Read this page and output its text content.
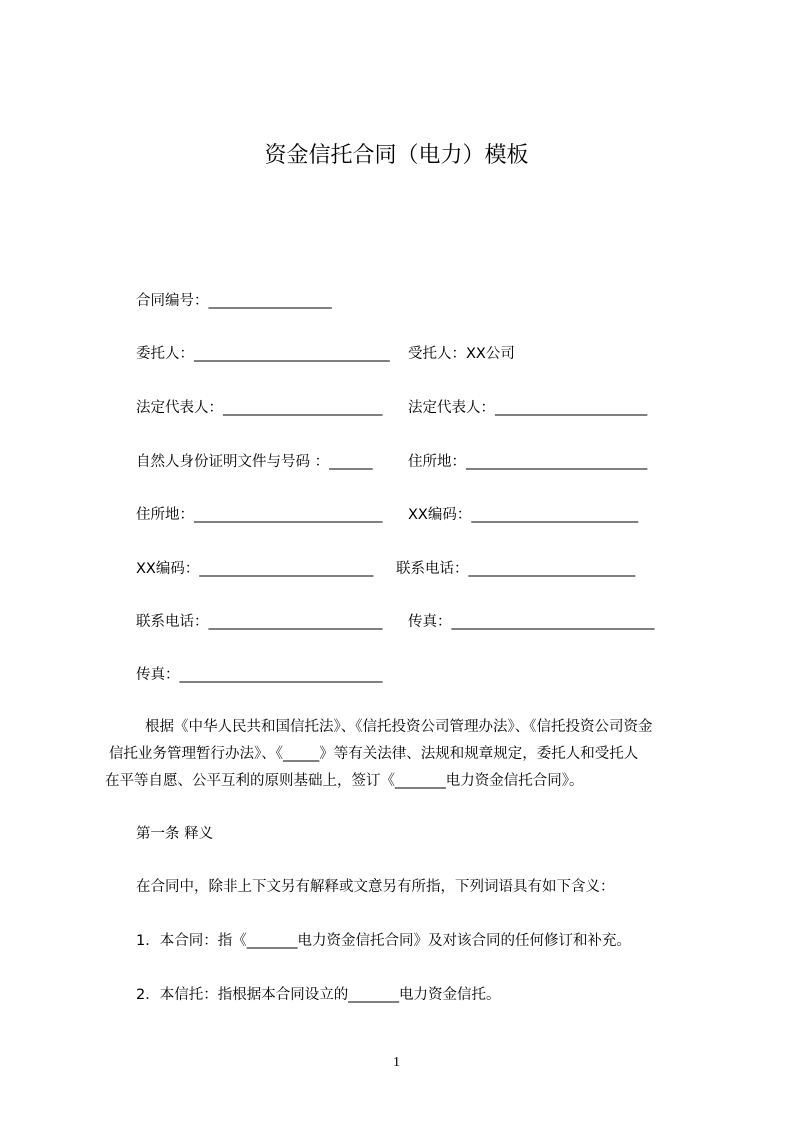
资金信托合同（电力）模板
合同编号：_________________
委托人：___________________________ 受托人：XX公司
法定代表人：______________________ 法定代表人：_____________________
自然人身份证明文件与号码 ：______ 住所地：_________________________
住所地：__________________________ XX编码：_______________________
XX编码：________________________ 联系电话：_______________________
联系电话：________________________ 传真：____________________________
传真：____________________________
根据《中华人民共和国信托法》、《信托投资公司管理办法》、《信托投资公司资金
信托业务管理暂行办法》、《_____》等有关法律、法规和规章规定，委托人和受托人
在平等自愿、公平互利的原则基础上，签订《_______电力资金信托合同》。
第一条 释义
在合同中，除非上下文另有解释或文意另有所指，下列词语具有如下含义：
1．本合同：指《_______电力资金信托合同》及对该合同的任何修订和补充。
2．本信托：指根据本合同设立的_______电力资金信托。
1
